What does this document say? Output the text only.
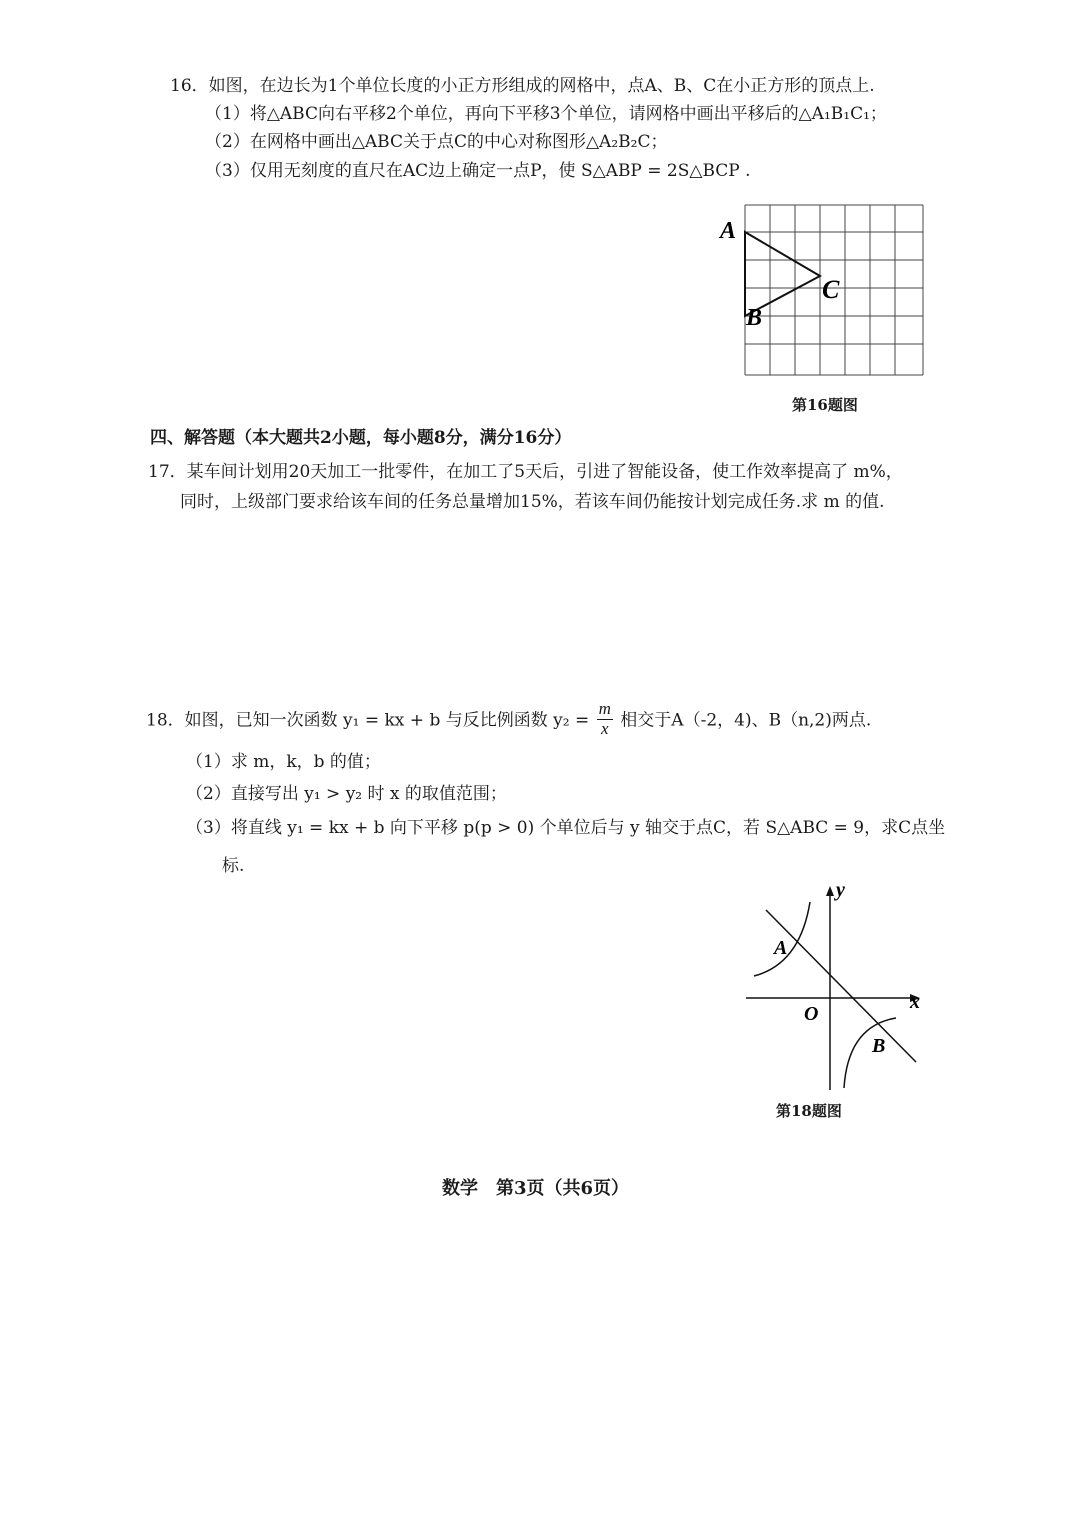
16．如图，在边长为1个单位长度的小正方形组成的网格中，点A、B、C在小正方形的顶点上.
（1）将△ABC向右平移2个单位，再向下平移3个单位，请网格中画出平移后的△A₁B₁C₁；
（2）在网格中画出△ABC关于点C的中心对称图形△A₂B₂C；
（3）仅用无刻度的直尺在AC边上确定一点P，使 S△ABP = 2S△BCP .
A
B
C
第16题图
四、解答题（本大题共2小题，每小题8分，满分16分）
17．某车间计划用20天加工一批零件，在加工了5天后，引进了智能设备，使工作效率提高了 m%，
同时，上级部门要求给该车间的任务总量增加15%，若该车间仍能按计划完成任务.求 m 的值.
18．如图，已知一次函数 y₁ = kx + b 与反比例函数 $y_2 = \frac{m}{x}$ 相交于A（-2，4)、B（n,2)两点.
（1）求 m，k，b 的值；
（2）直接写出 y₁ > y₂ 时 x 的取值范围；
（3）将直线 y₁ = kx + b 向下平移 p(p > 0) 个单位后与 y 轴交于点C，若 S△ABC = 9，求C点坐
标.
y
x
O
A
B
第18题图
数学　第3页（共6页）
